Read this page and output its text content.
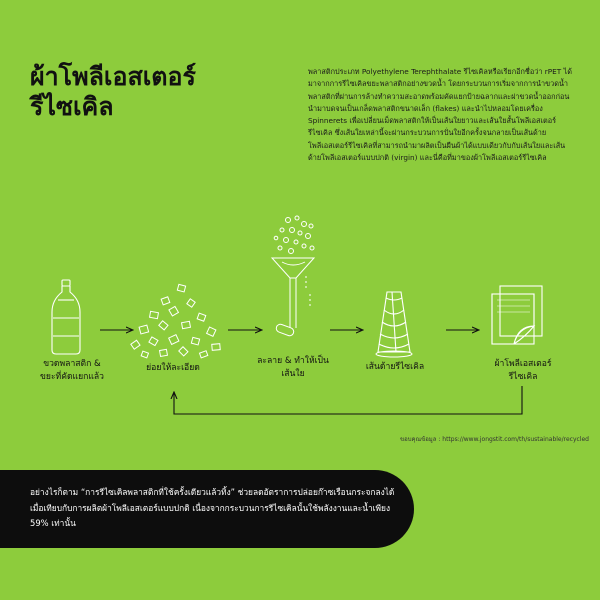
ผ้าโพลีเอสเตอร์
รีไซเคิล

พลาสติกประเภท Polyethylene Terephthalate รีไซเคิลหรือเรียกอีกชื่อว่า rPET ได้มาจากการรีไซเคิลขยะพลาสติกอย่างขวดน้ำ โดยกระบวนการเริ่มจากการนำขวดน้ำพลาสติกที่ผ่านการล้างทำความสะอาดพร้อมคัดแยกป้ายฉลากและฝาขวดน้ำออกก่อนนำมาบดจนเป็นเกล็ดพลาสติกขนาดเล็ก (flakes) และนำไปหลอมโดยเครื่อง Spinnerets เพื่อเปลี่ยนเม็ดพลาสติกให้เป็นเส้นใยยาวและเส้นใยสั้นโพลีเอสเตอร์รีไซเคิล ซึ่งเส้นใยเหล่านี้จะผ่านกระบวนการปั่นใยอีกครั้งจนกลายเป็นเส้นด้ายโพลีเอสเตอร์รีไซเคิลที่สามารถนำมาผลิตเป็นผืนผ้าได้แบบเดียวกับกับเส้นใยและเส้นด้ายโพลีเอสเตอร์แบบปกติ (virgin) และนี่คือที่มาของผ้าโพลีเอสเตอร์รีไซเคิล

ขวดพลาสติก &
ขยะที่คัดแยกแล้ว
ย่อยให้ละเอียด
ละลาย & ทำให้เป็น
เส้นใย
เส้นด้ายรีไซเคิล	ผ้าโพลีเอสเตอร์
รีไซเคิล
ขอบคุณข้อมูล : https://www.jongstit.com/th/sustainable/recycled

อย่างไรก็ตาม “การรีไซเคิลพลาสติกที่ใช้ครั้งเดียวแล้วทิ้ง” ช่วยลดอัตราการปล่อยก๊าซเรือนกระจกลงได้เมื่อเทียบกับการผลิตผ้าโพลีเอสเตอร์แบบปกติ เนื่องจากกระบวนการรีไซเคิลนั้นใช้พลังงานและน้ำเพียง 59% เท่านั้น
